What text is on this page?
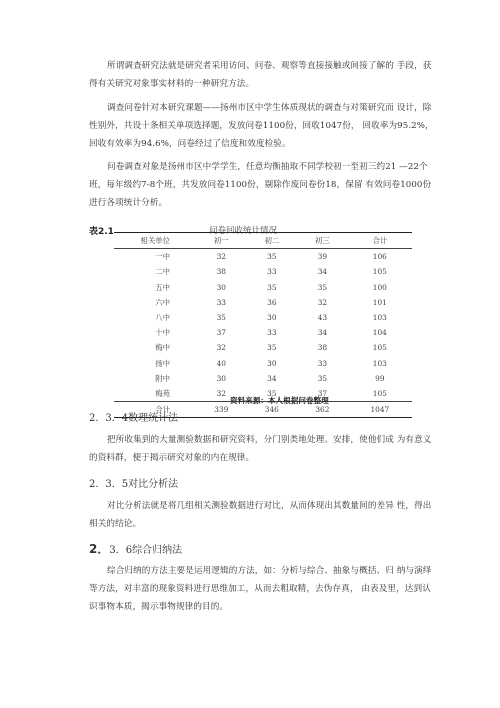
所谓调查研究法就是研究者采用访问、问卷、观察等直接接触或间接了解的 手段，获得有关研究对象事实材料的一种研究方法。

调查问卷针对本研究课题——扬州市区中学生体质现状的调查与对策研究而 设计，除性别外，共设十条相关单项选择题，发放问卷1100份，回收1047份， 回收率为95.2%，回收有效率为94.6%，问卷经过了信度和效度检验。

问卷调查对象是扬州市区中学学生，任意均衡抽取不同学校初一至初三约21 —22个班，每年级约7-8个班，共发放问卷1100份，剔除作废问卷份18，保留 有效问卷1000份进行各项统计分析。

表2.1	问卷回收统计情况
相关单位	初一	初二	初三	合计
一中	32	35	39	106
二中	38	33	34	105
五中	30	35	35	100
六中	33	36	32	101
八中	35	30	43	103
十中	37	33	34	104
梅中	32	35	38	105
扬中	40	30	33	103
附中	30	34	35	99
梅苑	32	35	37	105
合计	339	346	362	1047
资料来源：本人根据问卷整理
2．3．4数理统计法

把所收集到的大量测验数据和研究资料，分门别类地处理、安排，使他们成 为有意义的资料群，便于揭示研究对象的内在规律。

2．3．5对比分析法

对比分析法就是将几组相关测验数据进行对比，从而体现出其数量间的差异 性，得出相关的结论。

2．3．6综合归纳法

综合归纳的方法主要是运用逻辑的方法，如：分析与综合、抽象与概括、归 纳与演绎等方法，对丰富的现象资料进行思维加工，从而去粗取精，去伪存真， 由表及里，达到认识事物本质，揭示事物规律的目的。
